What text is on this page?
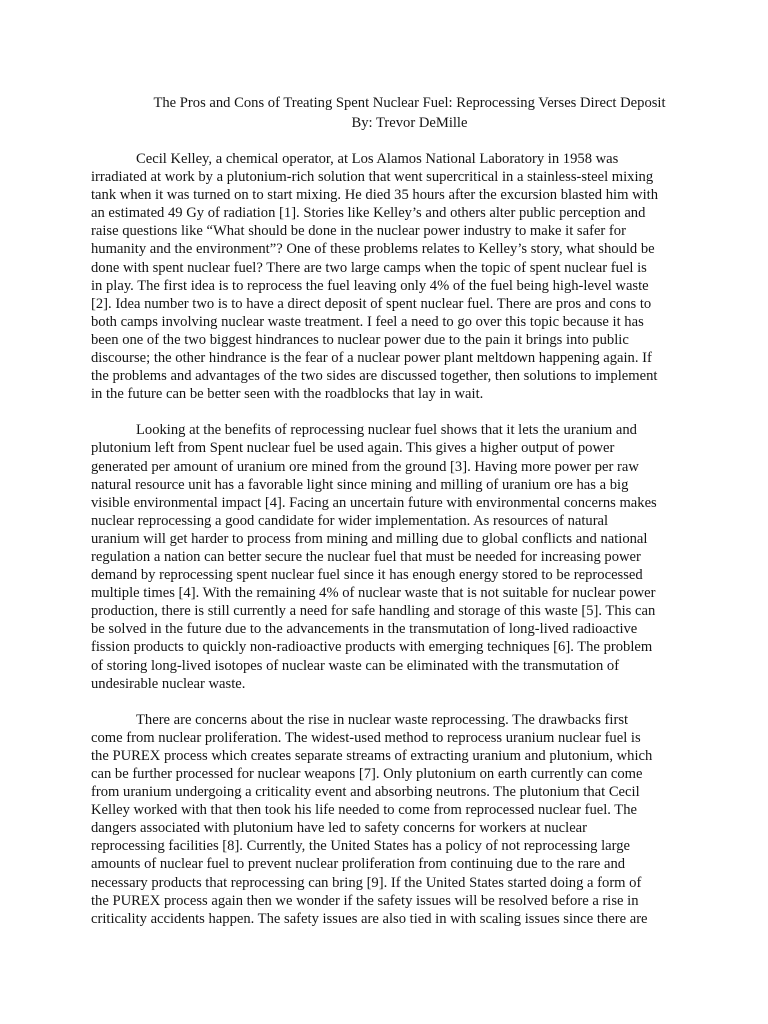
The Pros and Cons of Treating Spent Nuclear Fuel: Reprocessing Verses Direct Deposit
By: Trevor DeMille

Cecil Kelley, a chemical operator, at Los Alamos National Laboratory in 1958 was
irradiated at work by a plutonium-rich solution that went supercritical in a stainless-steel mixing
tank when it was turned on to start mixing. He died 35 hours after the excursion blasted him with
an estimated 49 Gy of radiation [1]. Stories like Kelley’s and others alter public perception and
raise questions like “What should be done in the nuclear power industry to make it safer for
humanity and the environment”? One of these problems relates to Kelley’s story, what should be
done with spent nuclear fuel? There are two large camps when the topic of spent nuclear fuel is
in play. The first idea is to reprocess the fuel leaving only 4% of the fuel being high-level waste
[2]. Idea number two is to have a direct deposit of spent nuclear fuel. There are pros and cons to
both camps involving nuclear waste treatment. I feel a need to go over this topic because it has
been one of the two biggest hindrances to nuclear power due to the pain it brings into public
discourse; the other hindrance is the fear of a nuclear power plant meltdown happening again. If
the problems and advantages of the two sides are discussed together, then solutions to implement
in the future can be better seen with the roadblocks that lay in wait.

Looking at the benefits of reprocessing nuclear fuel shows that it lets the uranium and
plutonium left from Spent nuclear fuel be used again. This gives a higher output of power
generated per amount of uranium ore mined from the ground [3]. Having more power per raw
natural resource unit has a favorable light since mining and milling of uranium ore has a big
visible environmental impact [4]. Facing an uncertain future with environmental concerns makes
nuclear reprocessing a good candidate for wider implementation. As resources of natural
uranium will get harder to process from mining and milling due to global conflicts and national
regulation a nation can better secure the nuclear fuel that must be needed for increasing power
demand by reprocessing spent nuclear fuel since it has enough energy stored to be reprocessed
multiple times [4]. With the remaining 4% of nuclear waste that is not suitable for nuclear power
production, there is still currently a need for safe handling and storage of this waste [5]. This can
be solved in the future due to the advancements in the transmutation of long-lived radioactive
fission products to quickly non-radioactive products with emerging techniques [6]. The problem
of storing long-lived isotopes of nuclear waste can be eliminated with the transmutation of
undesirable nuclear waste.

There are concerns about the rise in nuclear waste reprocessing. The drawbacks first
come from nuclear proliferation. The widest-used method to reprocess uranium nuclear fuel is
the PUREX process which creates separate streams of extracting uranium and plutonium, which
can be further processed for nuclear weapons [7]. Only plutonium on earth currently can come
from uranium undergoing a criticality event and absorbing neutrons. The plutonium that Cecil
Kelley worked with that then took his life needed to come from reprocessed nuclear fuel. The
dangers associated with plutonium have led to safety concerns for workers at nuclear
reprocessing facilities [8]. Currently, the United States has a policy of not reprocessing large
amounts of nuclear fuel to prevent nuclear proliferation from continuing due to the rare and
necessary products that reprocessing can bring [9]. If the United States started doing a form of
the PUREX process again then we wonder if the safety issues will be resolved before a rise in
criticality accidents happen. The safety issues are also tied in with scaling issues since there are
